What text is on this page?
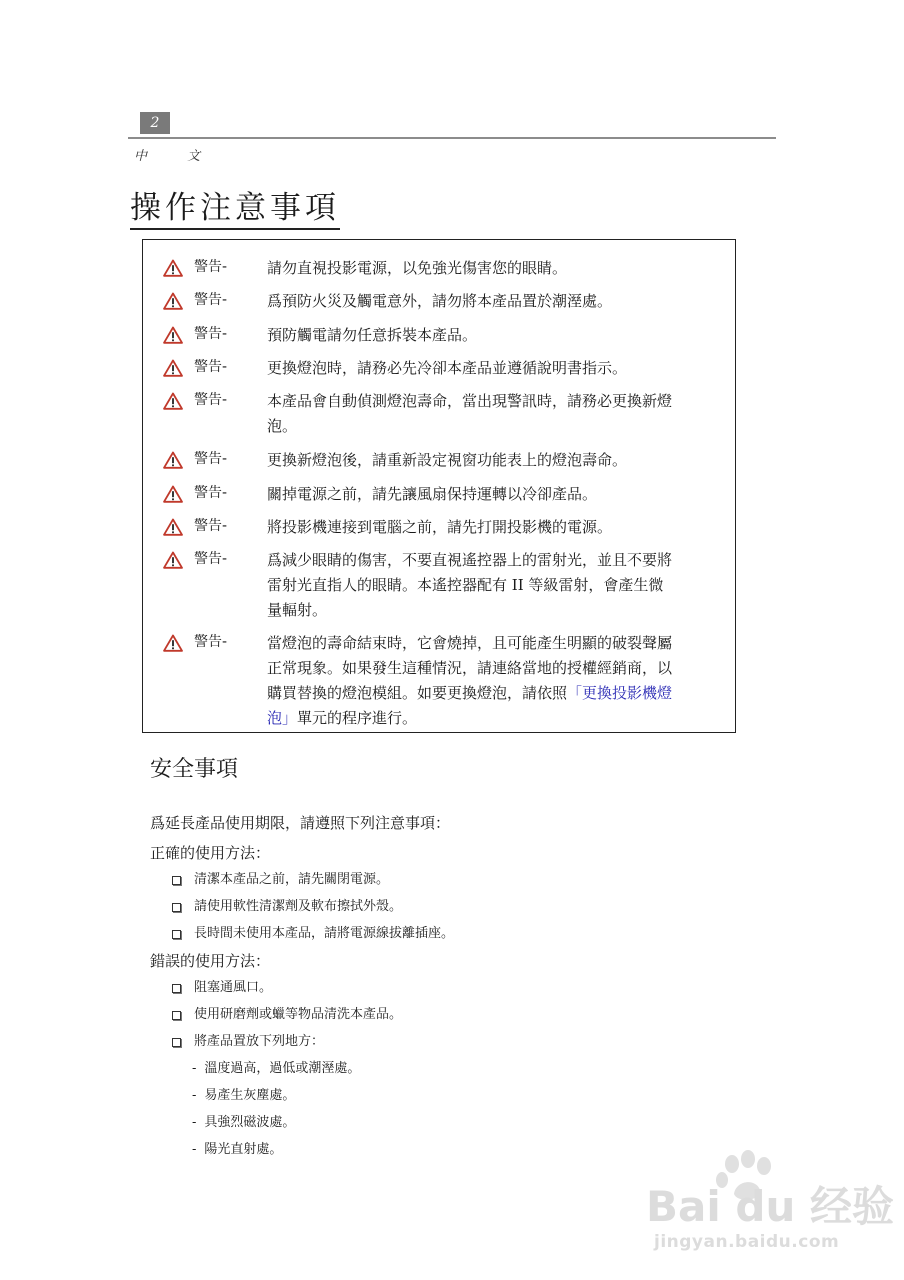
2
中 文
操作注意事項
警告-	請勿直視投影電源，以免強光傷害您的眼睛。
警告-	爲預防火災及觸電意外，請勿將本產品置於潮溼處。
警告-	預防觸電請勿任意拆裝本產品。
警告-	更換燈泡時，請務必先冷卻本產品並遵循說明書指示。
警告-	本產品會自動偵測燈泡壽命，當出現警訊時，請務必更換新燈
泡。
警告-	更換新燈泡後，請重新設定視窗功能表上的燈泡壽命。
警告-	關掉電源之前，請先讓風扇保持運轉以冷卻產品。
警告-	將投影機連接到電腦之前，請先打開投影機的電源。
警告-	爲減少眼睛的傷害，不要直視遙控器上的雷射光，並且不要將
雷射光直指人的眼睛。本遙控器配有 II 等級雷射，會產生微
量輻射。
警告-	當燈泡的壽命結束時，它會燒掉，且可能產生明顯的破裂聲屬
正常現象。如果發生這種情況，請連絡當地的授權經銷商，以
購買替換的燈泡模組。如要更換燈泡，請依照「更換投影機燈
泡」單元的程序進行。
安全事項
爲延長產品使用期限，請遵照下列注意事項：
正確的使用方法：
清潔本產品之前，請先關閉電源。
請使用軟性清潔劑及軟布擦拭外殼。
長時間未使用本產品，請將電源線拔離插座。
錯誤的使用方法：
阻塞通風口。
使用研磨劑或蠟等物品清洗本產品。
將產品置放下列地方：
- 溫度過高，過低或潮溼處。
- 易產生灰塵處。
- 具強烈磁波處。
- 陽光直射處。
Bai du 经验
jingyan.baidu.com
